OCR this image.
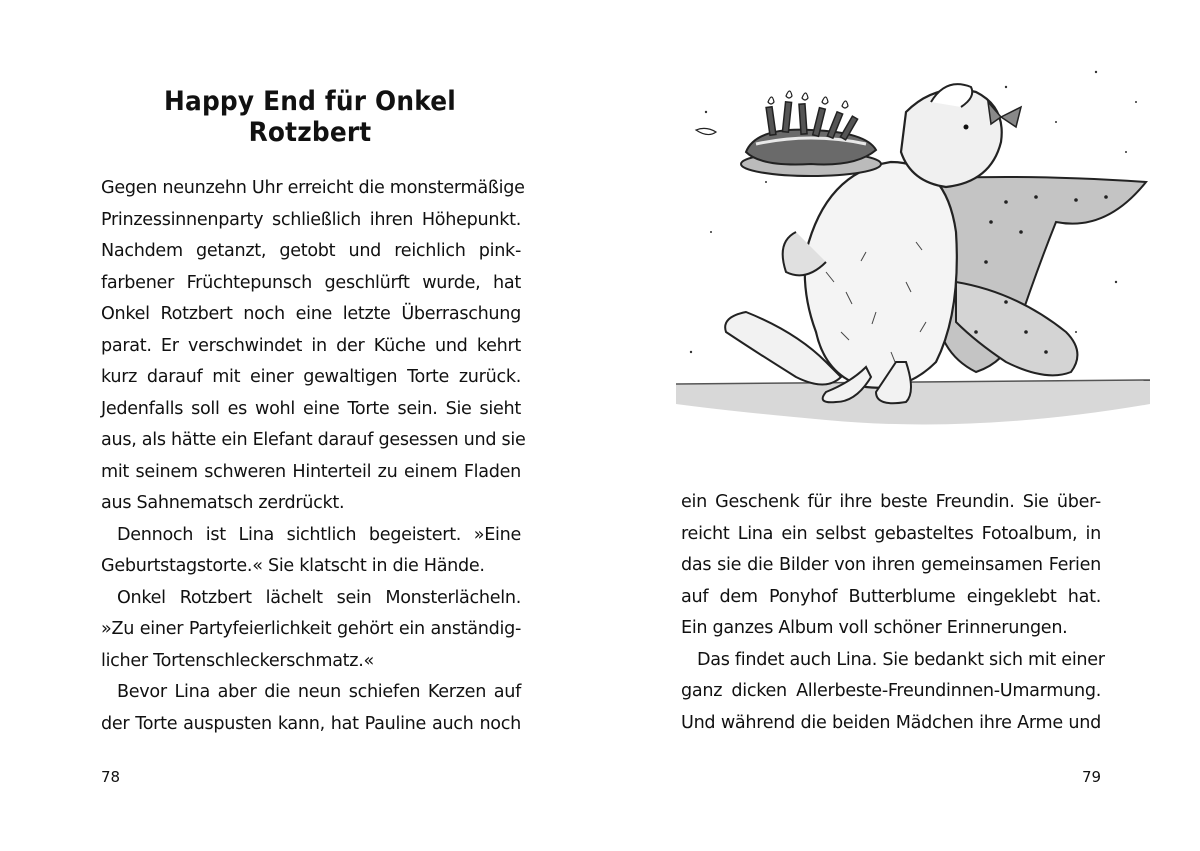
Happy End für Onkel Rotzbert
Gegen neunzehn Uhr erreicht die monstermäßige
Prinzessinnenparty schließlich ihren Höhepunkt.
Nachdem getanzt, getobt und reichlich pink-
farbener Früchtepunsch geschlürft wurde, hat
Onkel Rotzbert noch eine letzte Überraschung
parat. Er verschwindet in der Küche und kehrt
kurz darauf mit einer gewaltigen Torte zurück.
Jedenfalls soll es wohl eine Torte sein. Sie sieht
aus, als hätte ein Elefant darauf gesessen und sie
mit seinem schweren Hinterteil zu einem Fladen
aus Sahnematsch zerdrückt.
Dennoch ist Lina sichtlich begeistert. »Eine
Geburtstagstorte.« Sie klatscht in die Hände.
Onkel Rotzbert lächelt sein Monsterlächeln.
»Zu einer Partyfeierlichkeit gehört ein anständig-
licher Tortenschleckerschmatz.«
Bevor Lina aber die neun schiefen Kerzen auf
der Torte auspusten kann, hat Pauline auch noch
78
ein Geschenk für ihre beste Freundin. Sie über-
reicht Lina ein selbst gebasteltes Fotoalbum, in
das sie die Bilder von ihren gemeinsamen Ferien
auf dem Ponyhof Butterblume eingeklebt hat.
Ein ganzes Album voll schöner Erinnerungen.
Das findet auch Lina. Sie bedankt sich mit einer
ganz dicken Allerbeste-Freundinnen-Umarmung.
Und während die beiden Mädchen ihre Arme und
79
